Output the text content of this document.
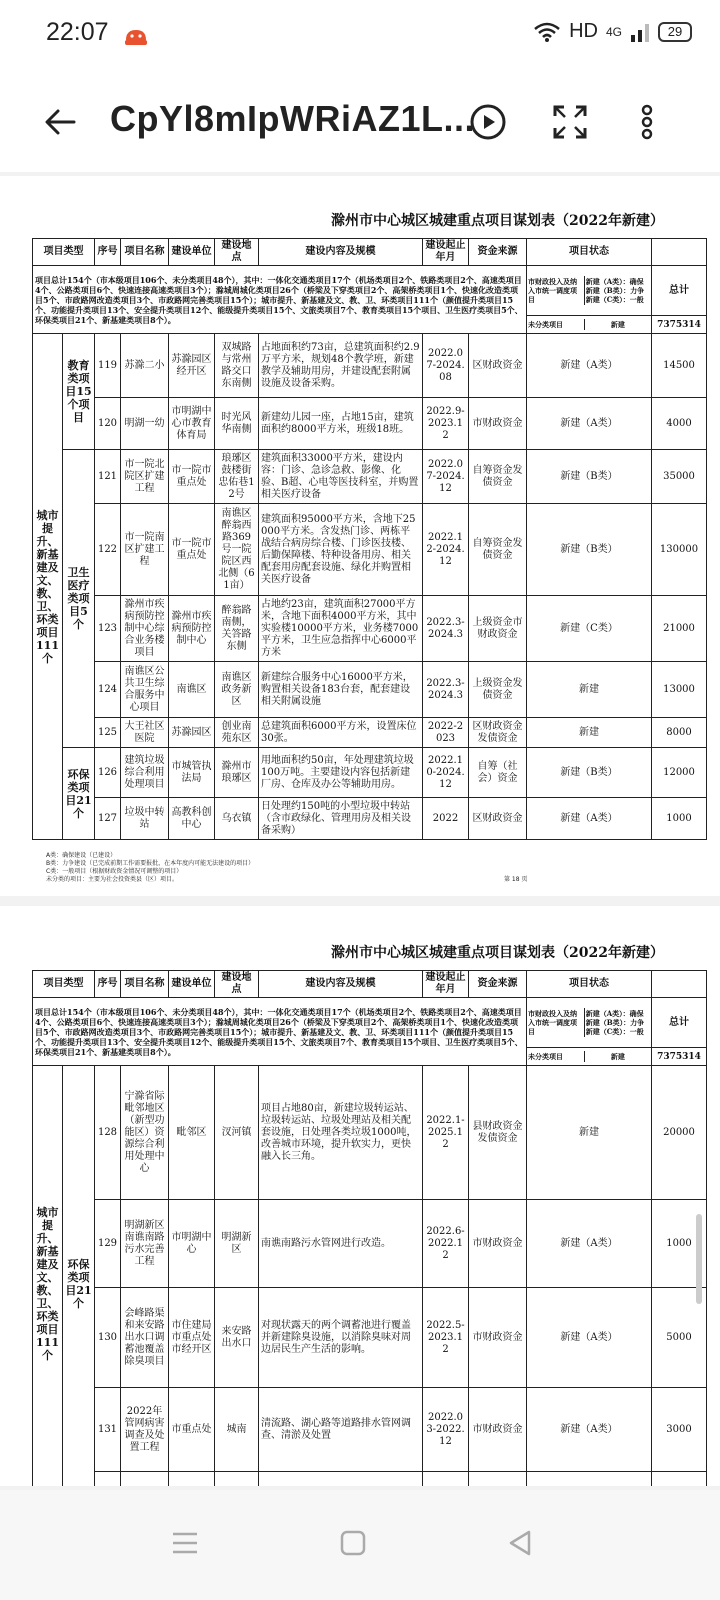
22:07	HD 4G	29
CpYl8mIpWRiAZ1L...
滁州市中心城区城建重点项目谋划表（2022年新建）
项目类型		序号	项目名称	建设单位	建设地点	建设内容及规模	建设起止年月	资金来源	项目状态	
项目总计154个（市本级项目106个、未分类项目48个），其中：一体化交通类项目17个（机场类项目2个、铁路类项目2个、高速类项目4个、公路类项目6个、快速连接高速类项目3个）；滁城周城化类项目26个（桥梁及下穿类项目2个、高架桥类项目1个、快速化改造类项目5个、市政路网改造类项目3个、市政路网完善类项目15个）；城市提升、新基建及文、教、卫、环类项目111个（颜值提升类项目15个、功能提升类项目13个、安全提升类项目12个、能级提升类项目15个、文旅类项目7个、教育类项目15个项目、卫生医疗类项目5个、环保类项目21个、新基建类项目8个）。									市财政投入及纳入市统一调度项目
新建（A类）：确保 新建（B类）：力争 新建（C类）：一般	总计

									未分类项目 新建	7375314
城市提升、新基建及文、教、卫、环类项目111个	教育类项目15个项目	119	苏滁二小	苏滁园区经开区	双城路与常州路交口东南侧	占地面积约73亩，总建筑面积约2.9万平方米，规划48个教学班，新建教学及辅助用房，并建设配套附属设施及设备采购。	2022.07-2024.08	区财政资金	新建（A类）	14500
		120	明湖一幼	市明湖中心市教育体育局	时光风华南侧	新建幼儿园一座，占地15亩，建筑面积约8000平方米，班级18班。	2022.9-2023.12	市财政资金	新建（A类）	4000
	卫生医疗类项目5个	121	市一院北院区扩建工程	市一院市重点处	琅琊区鼓楼街忠佑巷12号	建筑面积33000平方米，建设内容：门诊、急诊急救、影像、化验、B超、心电等医技科室，并购置相关医疗设备	2022.07-2024.12	自筹资金发债资金	新建（B类）	35000
		122	市一院南区扩建工程	市一院市重点处	南谯区醉翁西路369号一院院区西北侧（61亩）	建筑面积95000平方米，含地下25000平方米。含发热门诊、两栋平战结合病房综合楼、门诊医技楼、后勤保障楼、特种设备用房、相关配套用房配套设施、绿化并购置相关医疗设备	2022.12-2024.12	自筹资金发债资金	新建（B类）	130000
		123	滁州市疾病预防控制中心综合业务楼项目	滁州市疾病预防控制中心	醉翁路南侧，关答路东侧	占地约23亩，建筑面积27000平方米，含地下面积4000平方米，其中实验楼10000平方米，业务楼7000平方米，卫生应急指挥中心6000平方米	2022.3-2024.3	上级资金市财政资金	新建（C类）	21000
		124	南谯区公共卫生综合服务中心项目	南谯区	南谯区政务新区	新建综合服务中心16000平方米，购置相关设备183台套，配套建设相关附属设施	2022.3-2024.3	上级资金发债资金	新建	13000
		125	大王社区医院	苏滁园区	创业南苑东区	总建筑面积6000平方米，设置床位30张。	2022-2023	区财政资金发债资金	新建	8000
	环保类项目21个	126	建筑垃圾综合利用处理项目	市城管执法局	滁州市琅琊区	用地面积约50亩，年处理建筑垃圾100万吨。主要建设内容包括新建厂房、仓库及办公等辅助用房。	2022.10-2024.12	自筹（社会）资金	新建（B类）	12000
		127	垃圾中转站	高教科创中心	乌衣镇	日处理约150吨的小型垃圾中转站（含市政绿化、管理用房及相关设备采购）	2022	区财政资金	新建（A类）	1000
A类：确保建设（已建设）
B类：力争建设（已完成前期工作需要报批，在本年度内可能无法建设的项目）
C类：一般项目（根据财政资金情况可调整的项目）
未分类的项目：主要为社会投资类县（区）项目。	第 18 页
滁州市中心城区城建重点项目谋划表（2022年新建）
项目类型		序号	项目名称	建设单位	建设地点	建设内容及规模	建设起止年月	资金来源	项目状态	
项目总计154个（市本级项目106个、未分类项目48个），其中：一体化交通类项目17个（机场类项目2个、铁路类项目2个、高速类项目4个、公路类项目6个、快速连接高速类项目3个）；滁城周城化类项目26个（桥梁及下穿类项目2个、高架桥类项目1个、快速化改造类项目5个、市政路网改造类项目3个、市政路网完善类项目15个）；城市提升、新基建及文、教、卫、环类项目111个（颜值提升类项目15个、功能提升类项目13个、安全提升类项目12个、能级提升类项目15个、文旅类项目7个、教育类项目15个项目、卫生医疗类项目5个、环保类项目21个、新基建类项目8个）。									市财政投入及纳入市统一调度项目
新建（A类）：确保 新建（B类）：力争 新建（C类）：一般	总计

									未分类项目 新建	7375314
城市提升、新基建及文、教、卫、环类项目111个	环保类项目21个	128	宁滁省际毗邻地区（新型功能区）资源综合利用处理中心	毗邻区	汊河镇	项目占地80亩，新建垃圾转运站、垃圾转运站、垃圾处理站及相关配套设施，日处理各类垃圾1000吨，改善城市环境，提升软实力，更快融入长三角。	2022.1-2025.12	县财政资金发债资金	新建	20000
		129	明湖新区南谯南路污水完善工程	市明湖中心	明湖新区	南谯南路污水管网进行改造。	2022.6-2022.12	市财政资金	新建（A类）	1000
		130	会峰路渠和来安路出水口调蓄池覆盖除臭项目	市住建局市重点处市经开区	来安路出水口	对现状露天的两个调蓄池进行覆盖并新建除臭设施，以消除臭味对周边居民生产生活的影响。	2022.5-2023.12	市财政资金	新建（A类）	5000
		131	2022年管网病害调查及处置工程	市重点处	城南	清流路、湖心路等道路排水管网调查、清淤及处置	2022.03-2022.12	市财政资金	新建（A类）	3000
